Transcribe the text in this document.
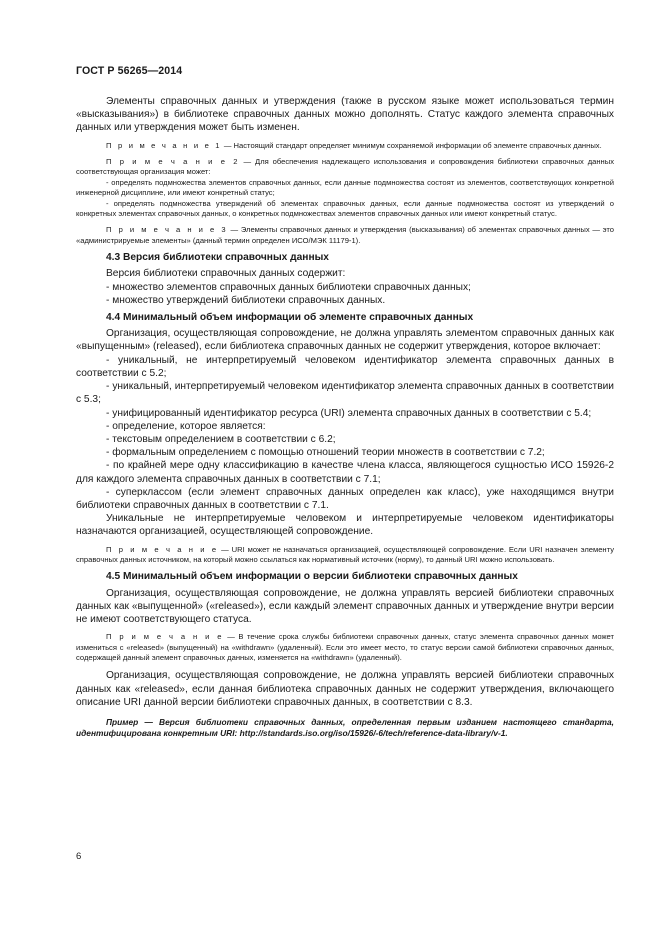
ГОСТ Р 56265—2014

Элементы справочных данных и утверждения (также в русском языке может использоваться термин «высказывания») в библиотеке справочных данных можно дополнять. Статус каждого элемента справочных данных или утверждения может быть изменен.

П р и м е ч а н и е 1 — Настоящий стандарт определяет минимум сохраняемой информации об элементе справочных данных.

П р и м е ч а н и е 2 — Для обеспечения надлежащего использования и сопровождения библиотеки справочных данных соответствующая организация может:

- определять подмножества элементов справочных данных, если данные подмножества состоят из элементов, соответствующих конкретной инженерной дисциплине, или имеют конкретный статус;

- определять подмножества утверждений об элементах справочных данных, если данные подмножества состоят из утверждений о конкретных элементах справочных данных, о конкретных подмножествах элементов справочных данных или имеют конкретный статус.

П р и м е ч а н и е 3 — Элементы справочных данных и утверждения (высказывания) об элементах справочных данных — это «администрируемые элементы» (данный термин определен ИСО/МЭК 11179-1).

4.3 Версия библиотеки справочных данных

Версия библиотеки справочных данных содержит:

- множество элементов справочных данных библиотеки справочных данных;

- множество утверждений библиотеки справочных данных.

4.4 Минимальный объем информации об элементе справочных данных

Организация, осуществляющая сопровождение, не должна управлять элементом справочных данных как «выпущенным» (released), если библиотека справочных данных не содержит утверждения, которое включает:

- уникальный, не интерпретируемый человеком идентификатор элемента справочных данных в соответствии с 5.2;

- уникальный, интерпретируемый человеком идентификатор элемента справочных данных в соответствии с 5.3;

- унифицированный идентификатор ресурса (URI) элемента справочных данных в соответствии с 5.4;

- определение, которое является:

- текстовым определением в соответствии с 6.2;

- формальным определением с помощью отношений теории множеств в соответствии с 7.2;

- по крайней мере одну классификацию в качестве члена класса, являющегося сущностью ИСО 15926-2 для каждого элемента справочных данных в соответствии с 7.1;

- суперклассом (если элемент справочных данных определен как класс), уже находящимся внутри библиотеки справочных данных в соответствии с 7.1.

Уникальные не интерпретируемые человеком и интерпретируемые человеком идентификаторы назначаются организацией, осуществляющей сопровождение.

П р и м е ч а н и е — URI может не назначаться организацией, осуществляющей сопровождение. Если URI назначен элементу справочных данных источником, на который можно ссылаться как нормативный источник (норму), то данный URI можно использовать.

4.5 Минимальный объем информации о версии библиотеки справочных данных

Организация, осуществляющая сопровождение, не должна управлять версией библиотеки справочных данных как «выпущенной» («released»), если каждый элемент справочных данных и утверждение внутри версии не имеют соответствующего статуса.

П р и м е ч а н и е — В течение срока службы библиотеки справочных данных, статус элемента справочных данных может измениться с «released» (выпущенный) на «withdrawn» (удаленный). Если это имеет место, то статус версии самой библиотеки справочных данных, содержащей данный элемент справочных данных, изменяется на «withdrawn» (удаленный).

Организация, осуществляющая сопровождение, не должна управлять версией библиотеки справочных данных как «released», если данная библиотека справочных данных не содержит утверждения, включающего описание URI данной версии библиотеки справочных данных, в соответствии с 8.3.

Пример — Версия библиотеки справочных данных, определенная первым изданием настоящего стандарта, идентифицирована конкретным URI: http://standards.iso.org/iso/15926/-6/tech/reference-data-library/v-1.

6
